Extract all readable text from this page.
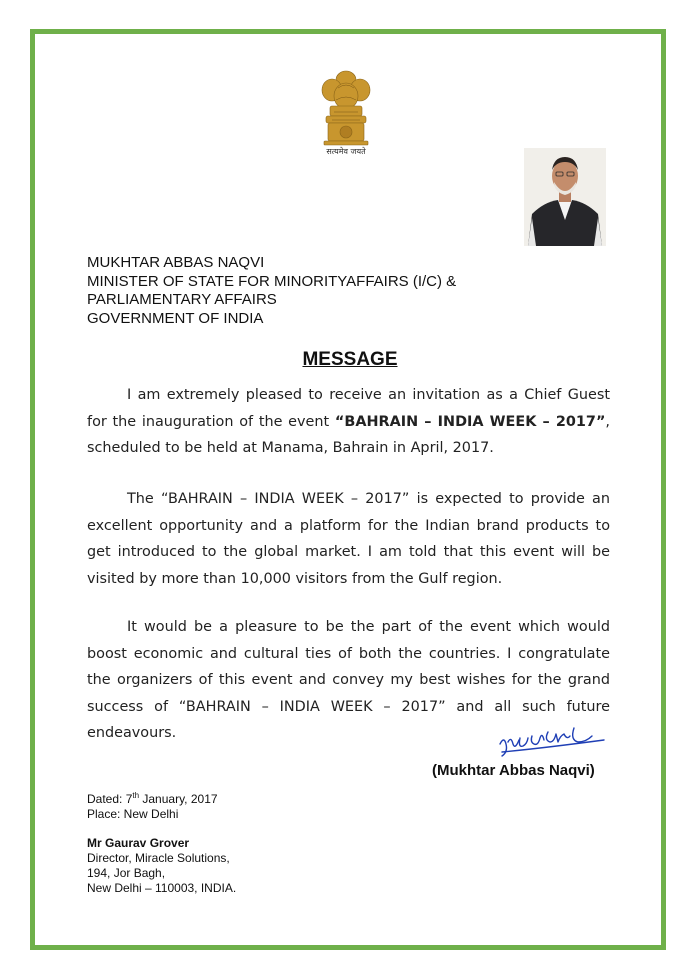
सत्यमेव जयते
MUKHTAR ABBAS NAQVI
MINISTER OF STATE FOR MINORITYAFFAIRS (I/C) &
PARLIAMENTARY AFFAIRS
GOVERNMENT OF INDIA
MESSAGE
I am extremely pleased to receive an invitation as a Chief Guest for the inauguration of the event “BAHRAIN – INDIA WEEK – 2017”, scheduled to be held at Manama, Bahrain in April, 2017.
The “BAHRAIN – INDIA WEEK – 2017” is expected to provide an excellent opportunity and a platform for the Indian brand products to get introduced to the global market. I am told that this event will be visited by more than 10,000 visitors from the Gulf region.
It would be a pleasure to be the part of the event which would boost economic and cultural ties of both the countries. I congratulate the organizers of this event and convey my best wishes for the grand success of “BAHRAIN – INDIA WEEK – 2017” and all such future endeavours.
(Mukhtar Abbas Naqvi)
Dated: 7th January, 2017
Place: New Delhi
Mr Gaurav Grover
Director, Miracle Solutions,
194, Jor Bagh,
New Delhi – 110003, INDIA.
